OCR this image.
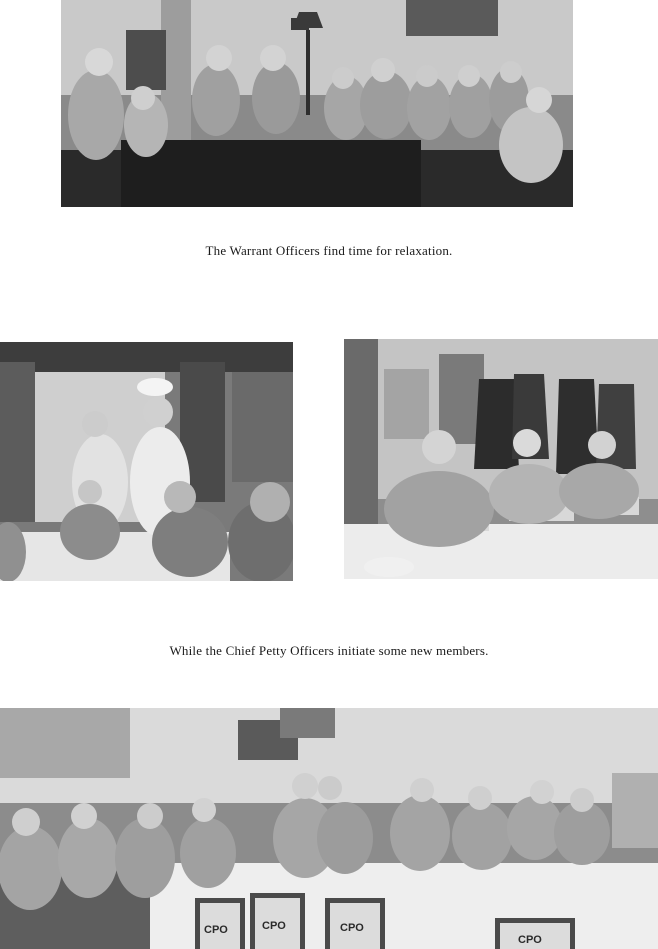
The Warrant Officers find time for relaxation.
While the Chief Petty Officers initiate some new members.
CPO	CPO	CPO
CPO
